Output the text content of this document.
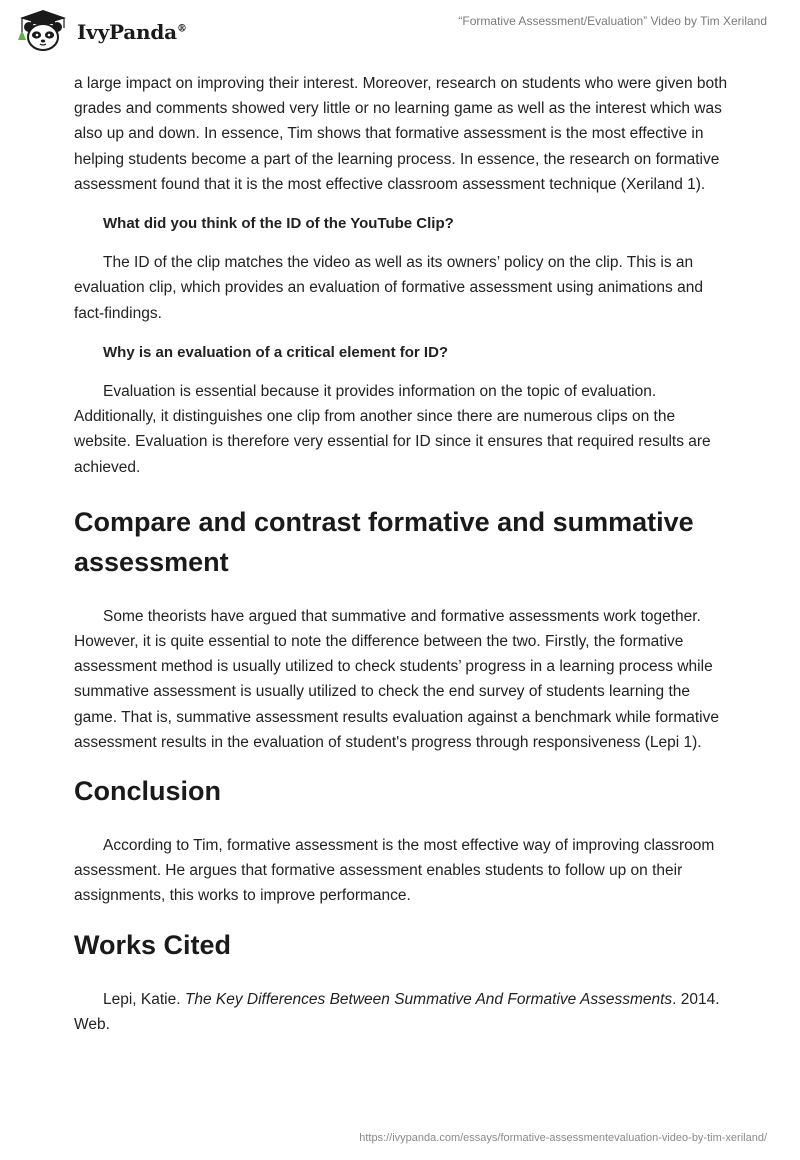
IvyPanda®
“Formative Assessment/Evaluation” Video by Tim Xeriland

a large impact on improving their interest. Moreover, research on students who were given both grades and comments showed very little or no learning game as well as the interest which was also up and down. In essence, Tim shows that formative assessment is the most effective in helping students become a part of the learning process. In essence, the research on formative assessment found that it is the most effective classroom assessment technique (Xeriland 1).

What did you think of the ID of the YouTube Clip?

The ID of the clip matches the video as well as its owners’ policy on the clip. This is an evaluation clip, which provides an evaluation of formative assessment using animations and fact-findings.

Why is an evaluation of a critical element for ID?

Evaluation is essential because it provides information on the topic of evaluation. Additionally, it distinguishes one clip from another since there are numerous clips on the website. Evaluation is therefore very essential for ID since it ensures that required results are achieved.

Compare and contrast formative and summative assessment

Some theorists have argued that summative and formative assessments work together. However, it is quite essential to note the difference between the two. Firstly, the formative assessment method is usually utilized to check students’ progress in a learning process while summative assessment is usually utilized to check the end survey of students learning the game. That is, summative assessment results evaluation against a benchmark while formative assessment results in the evaluation of student's progress through responsiveness (Lepi 1).

Conclusion

According to Tim, formative assessment is the most effective way of improving classroom assessment. He argues that formative assessment enables students to follow up on their assignments, this works to improve performance.

Works Cited

Lepi, Katie. The Key Differences Between Summative And Formative Assessments. 2014. Web.

https://ivypanda.com/essays/formative-assessmentevaluation-video-by-tim-xeriland/
